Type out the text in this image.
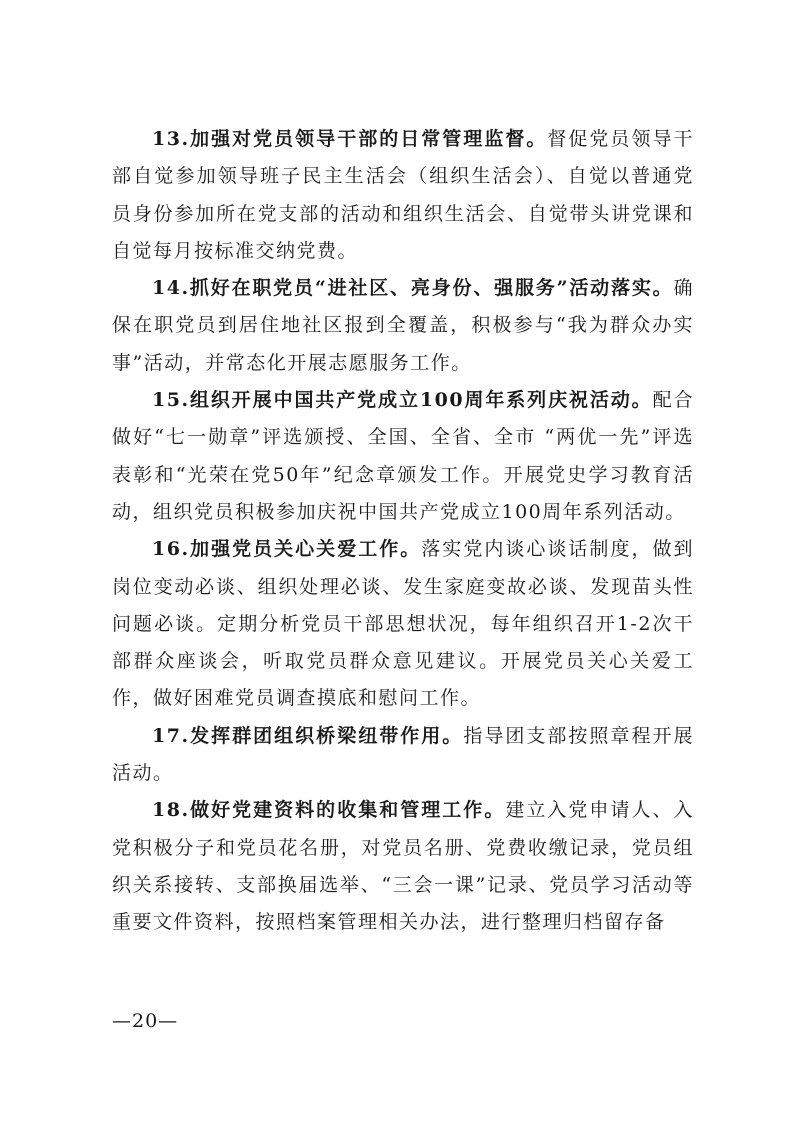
13.加强对党员领导干部的日常管理监督。督促党员领导干部自觉参加领导班子民主生活会（组织生活会）、自觉以普通党员身份参加所在党支部的活动和组织生活会、自觉带头讲党课和自觉每月按标准交纳党费。

14.抓好在职党员“进社区、亮身份、强服务”活动落实。确保在职党员到居住地社区报到全覆盖，积极参与“我为群众办实事”活动，并常态化开展志愿服务工作。

15.组织开展中国共产党成立100周年系列庆祝活动。配合做好“七一勋章”评选颁授、全国、全省、全市 “两优一先”评选表彰和“光荣在党50年”纪念章颁发工作。开展党史学习教育活动，组织党员积极参加庆祝中国共产党成立100周年系列活动。

16.加强党员关心关爱工作。落实党内谈心谈话制度，做到岗位变动必谈、组织处理必谈、发生家庭变故必谈、发现苗头性问题必谈。定期分析党员干部思想状况，每年组织召开1-2次干部群众座谈会，听取党员群众意见建议。开展党员关心关爱工作，做好困难党员调查摸底和慰问工作。

17.发挥群团组织桥梁纽带作用。指导团支部按照章程开展活动。

18.做好党建资料的收集和管理工作。建立入党申请人、入党积极分子和党员花名册，对党员名册、党费收缴记录，党员组织关系接转、支部换届选举、“三会一课”记录、党员学习活动等重要文件资料，按照档案管理相关办法，进行整理归档留存备

—20—
